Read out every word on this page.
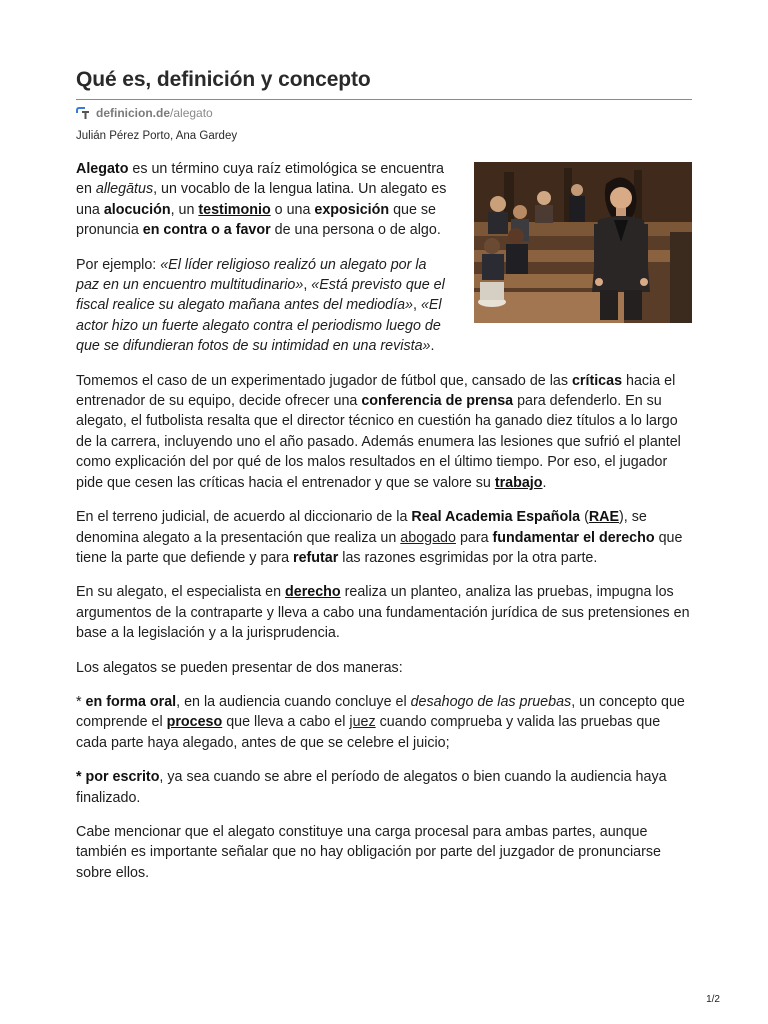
Qué es, definición y concepto
definicion.de /alegato
Julián Pérez Porto, Ana Gardey

Alegato es un término cuya raíz etimológica se encuentra en allegātus, un vocablo de la lengua latina. Un alegato es una alocución, un testimonio o una exposición que se pronuncia en contra o a favor de una persona o de algo.

Por ejemplo: «El líder religioso realizó un alegato por la paz en un encuentro multitudinario», «Está previsto que el fiscal realice su alegato mañana antes del mediodía», «El actor hizo un fuerte alegato contra el periodismo luego de que se difundieran fotos de su intimidad en una revista».

Tomemos el caso de un experimentado jugador de fútbol que, cansado de las críticas hacia el entrenador de su equipo, decide ofrecer una conferencia de prensa para defenderlo. En su alegato, el futbolista resalta que el director técnico en cuestión ha ganado diez títulos a lo largo de la carrera, incluyendo uno el año pasado. Además enumera las lesiones que sufrió el plantel como explicación del por qué de los malos resultados en el último tiempo. Por eso, el jugador pide que cesen las críticas hacia el entrenador y que se valore su trabajo.

En el terreno judicial, de acuerdo al diccionario de la Real Academia Española (RAE), se denomina alegato a la presentación que realiza un abogado para fundamentar el derecho que tiene la parte que defiende y para refutar las razones esgrimidas por la otra parte.

En su alegato, el especialista en derecho realiza un planteo, analiza las pruebas, impugna los argumentos de la contraparte y lleva a cabo una fundamentación jurídica de sus pretensiones en base a la legislación y a la jurisprudencia.

Los alegatos se pueden presentar de dos maneras:

* en forma oral, en la audiencia cuando concluye el desahogo de las pruebas, un concepto que comprende el proceso que lleva a cabo el juez cuando comprueba y valida las pruebas que cada parte haya alegado, antes de que se celebre el juicio;

* por escrito, ya sea cuando se abre el período de alegatos o bien cuando la audiencia haya finalizado.

Cabe mencionar que el alegato constituye una carga procesal para ambas partes, aunque también es importante señalar que no hay obligación por parte del juzgador de pronunciarse sobre ellos.

1/2
